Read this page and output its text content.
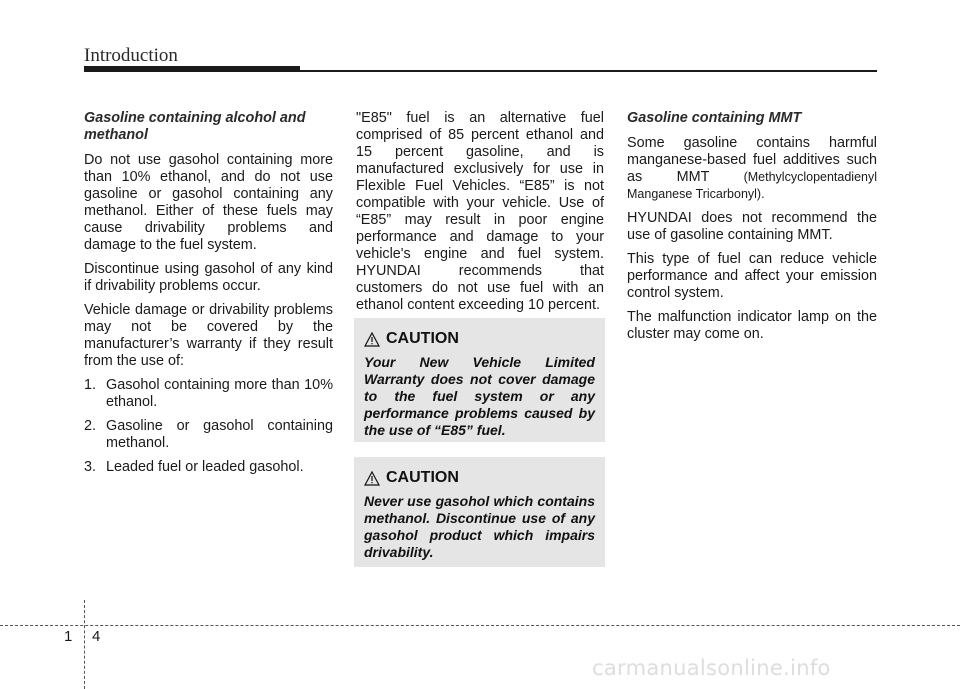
Introduction
Gasoline containing alcohol and methanol

Do not use gasohol containing more than 10% ethanol, and do not use gasoline or gasohol containing any methanol. Either of these fuels may cause drivability problems and damage to the fuel system.

Discontinue using gasohol of any kind if drivability problems occur.

Vehicle damage or drivability problems may not be covered by the manufacturer’s warranty if they result from the use of:

1. Gasohol containing more than 10% ethanol.
2. Gasoline or gasohol containing methanol.
3. Leaded fuel or leaded gasohol.

"E85" fuel is an alternative fuel comprised of 85 percent ethanol and 15 percent gasoline, and is manufactured exclusively for use in Flexible Fuel Vehicles. “E85” is not compatible with your vehicle. Use of “E85” may result in poor engine performance and damage to your vehicle's engine and fuel system. HYUNDAI recommends that customers do not use fuel with an ethanol content exceeding 10 percent.

CAUTION
Your New Vehicle Limited Warranty does not cover damage to the fuel system or any performance problems caused by the use of “E85” fuel.
CAUTION
Never use gasohol which contains methanol. Discontinue use of any gasohol product which impairs drivability.
Gasoline containing MMT

Some gasoline contains harmful manganese-based fuel additives such as MMT	(Methylcyclopentadienyl Manganese Tricarbonyl).

HYUNDAI does not recommend the use of gasoline containing MMT.

This type of fuel can reduce vehicle performance and affect your emission control system.

The malfunction indicator lamp on the cluster may come on.

1 4
carmanualsonline.info
